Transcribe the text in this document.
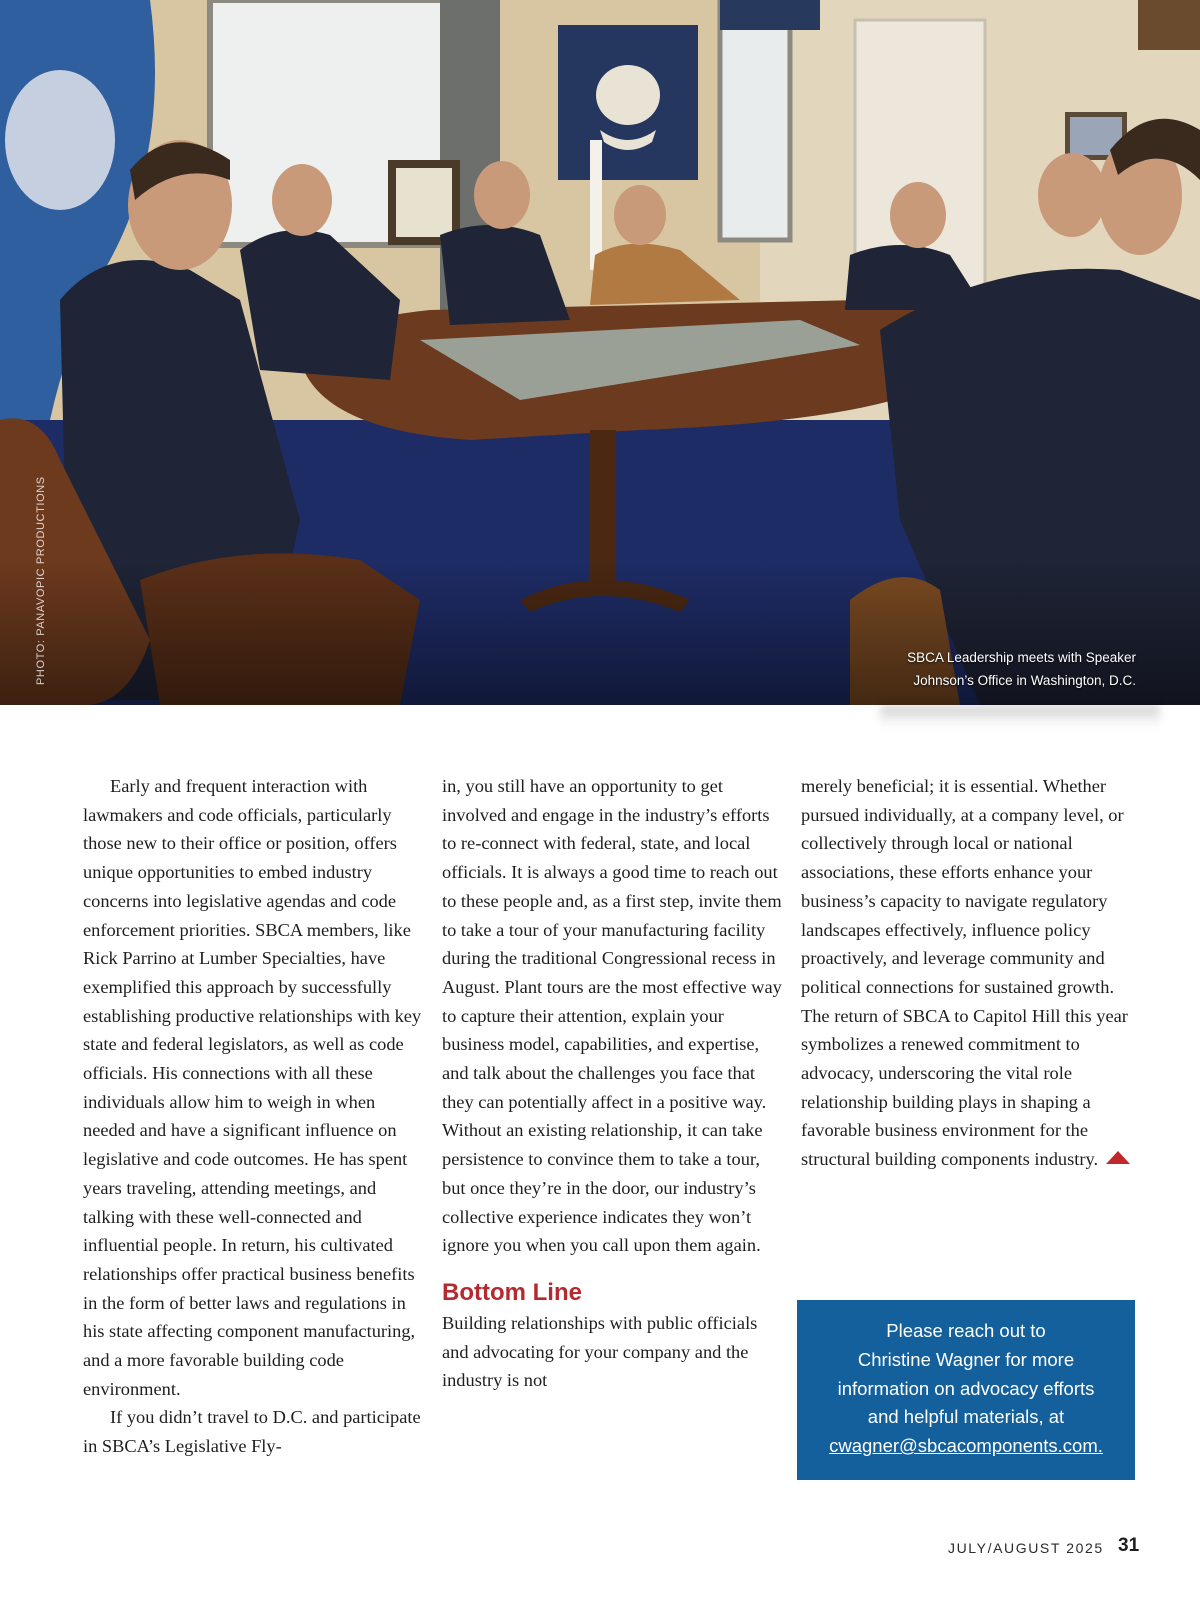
PHOTO: PANAVOPIC PRODUCTIONS	SBCA Leadership meets with Speaker
Johnson’s Office in Washington, D.C.

Early and frequent interaction with lawmakers and code officials, particularly those new to their office or position, offers unique opportunities to embed industry concerns into legislative agendas and code enforcement priorities. SBCA members, like Rick Parrino at Lumber Specialties, have exemplified this approach by successfully establishing productive relationships with key state and federal legislators, as well as code officials. His connections with all these individuals allow him to weigh in when needed and have a significant influence on legislative and code outcomes. He has spent years traveling, attending meetings, and talking with these well-connected and influential people. In return, his cultivated relationships offer practical business benefits in the form of better laws and regulations in his state affecting component manufacturing, and a more favorable building code environment.

If you didn’t travel to D.C. and participate in SBCA’s Legislative Fly-

in, you still have an opportunity to get involved and engage in the industry’s efforts to re-connect with federal, state, and local officials. It is always a good time to reach out to these people and, as a first step, invite them to take a tour of your manufacturing facility during the traditional Congressional recess in August. Plant tours are the most effective way to capture their attention, explain your business model, capabilities, and expertise, and talk about the challenges you face that they can potentially affect in a positive way. Without an existing relationship, it can take persistence to convince them to take a tour, but once they’re in the door, our industry’s collective experience indicates they won’t ignore you when you call upon them again.

Bottom Line

Building relationships with public officials and advocating for your company and the industry is not

merely beneficial; it is essential. Whether pursued individually, at a company level, or collectively through local or national associations, these efforts enhance your business’s capacity to navigate regulatory landscapes effectively, influence policy proactively, and leverage community and political connections for sustained growth. The return of SBCA to Capitol Hill this year symbolizes a renewed commitment to advocacy, underscoring the vital role relationship building plays in shaping a favorable business environment for the structural building components industry.

Please reach out to
Christine Wagner for more
information on advocacy efforts
and helpful materials, at
cwagner@sbcacomponents.com.
JULY/AUGUST 2025 31
